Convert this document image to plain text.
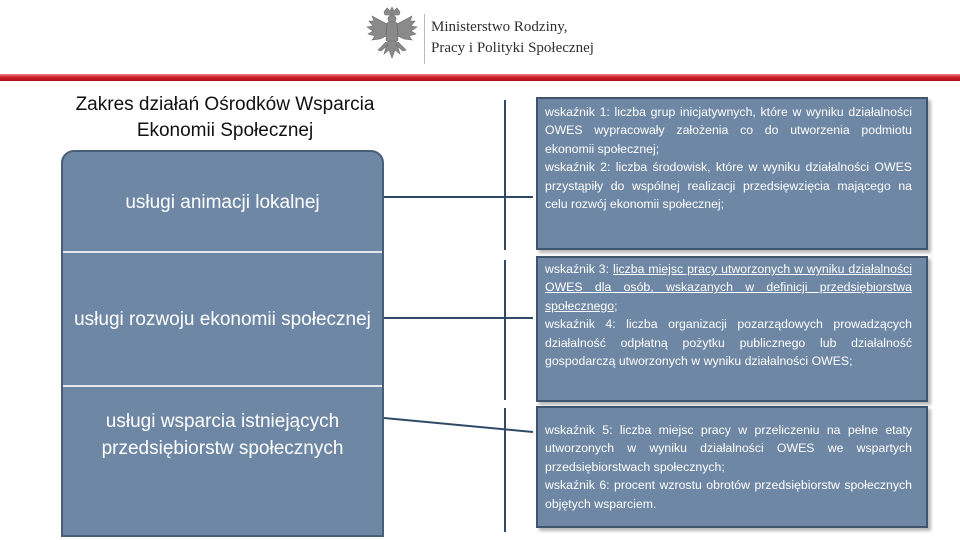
Ministerstwo Rodziny,
Pracy i Polityki Społecznej
Zakres działań Ośrodków Wsparcia Ekonomii Społecznej
usługi animacji lokalnej
usługi rozwoju ekonomii społecznej
usługi wsparcia istniejących przedsiębiorstw społecznych

wskaźnik 1: liczba grup inicjatywnych, które w wyniku działalności OWES wypracowały założenia co do utworzenia podmiotu ekonomii społecznej;

wskaźnik 2: liczba środowisk, które w wyniku działalności OWES przystąpiły do wspólnej realizacji przedsięwzięcia mającego na celu rozwój ekonomii społecznej;

wskaźnik 3: liczba miejsc pracy utworzonych w wyniku działalności OWES dla osób, wskazanych w definicji przedsiębiorstwa społecznego;

wskaźnik 4: liczba organizacji pozarządowych prowadzących działalność odpłatną pożytku publicznego lub działalność gospodarczą utworzonych w wyniku działalności OWES;

wskaźnik 5: liczba miejsc pracy w przeliczeniu na pełne etaty utworzonych w wyniku działalności OWES we wspartych przedsiębiorstwach społecznych;

wskaźnik 6: procent wzrostu obrotów przedsiębiorstw społecznych objętych wsparciem.
